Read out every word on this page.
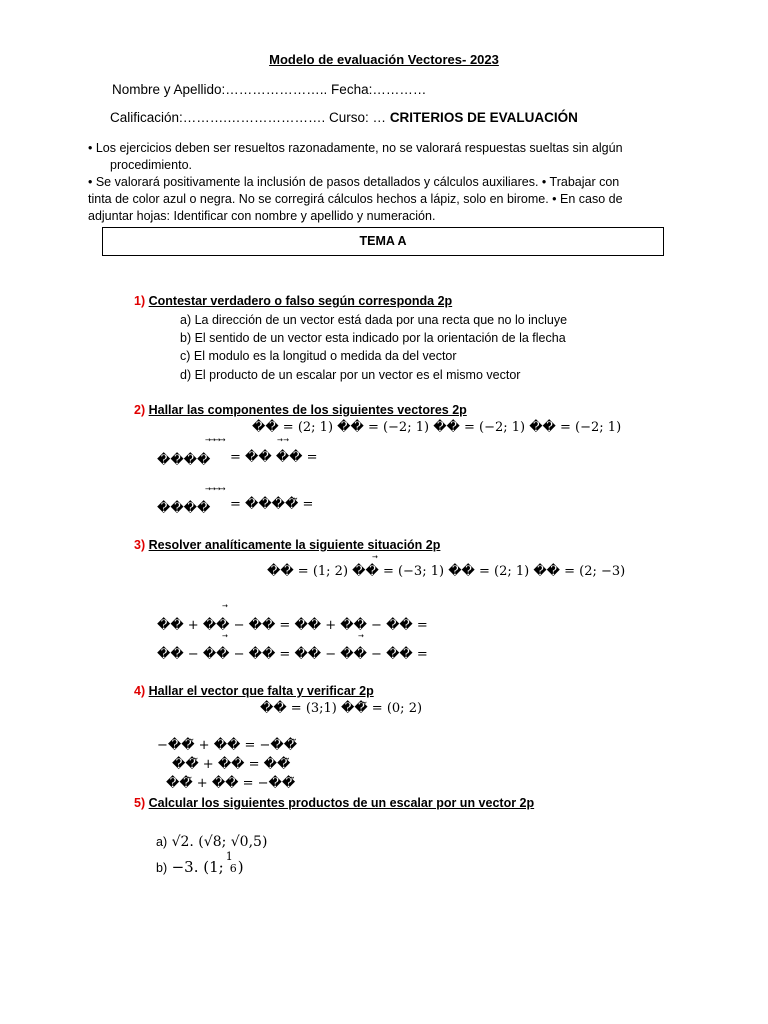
Modelo de evaluación Vectores- 2023
Nombre y Apellido:………………….. Fecha:…………
Calificación:……….…………………. Curso: … CRITERIOS DE EVALUACIÓN
• Los ejercicios deben ser resueltos razonadamente, no se valorará respuestas sueltas sin algún
procedimiento.
• Se valorará positivamente la inclusión de pasos detallados y cálculos auxiliares. • Trabajar con
tinta de color azul o negra. No se corregirá cálculos hechos a lápiz, solo en birome. • En caso de
adjuntar hojas: Identificar con nombre y apellido y numeración.
TEMA A
1) Contestar verdadero o falso según corresponda 2p
a) La dirección de un vector está dada por una recta que no lo incluye
b) El sentido de un vector esta indicado por la orientación de la flecha
c) El modulo es la longitud o medida da del vector
d) El producto de un escalar por un vector es el mismo vector
2) Hallar las componentes de los siguientes vectores 2p
�� = (2; 1) �� = (−2; 1) �� = (−2; 1) �� = (−2; 1)
→→→→	→ →
���� = �� �� =
→→→→
���� = ����̃ =
3) Resolver analíticamente la siguiente situación 2p
→
�� = (1; 2) �� = (−3; 1) �� = (2; 1) �� = (2; −3)
→
�� + �� − �� = �� + �� − �� =
→	→
�� − �� − �� = �� − �� − �� =
4) Hallar el vector que falta y verificar 2p
�� = (3;1) ��̃ = (0; 2)
−��̃ + �� = −��̃
��̃ + �� = ��̃
��̃ + �� = −��̃
5) Calcular los siguientes productos de un escalar por un vector 2p
a) √2. (√8; √0,5)
b) −3. (1;
1
6 )
